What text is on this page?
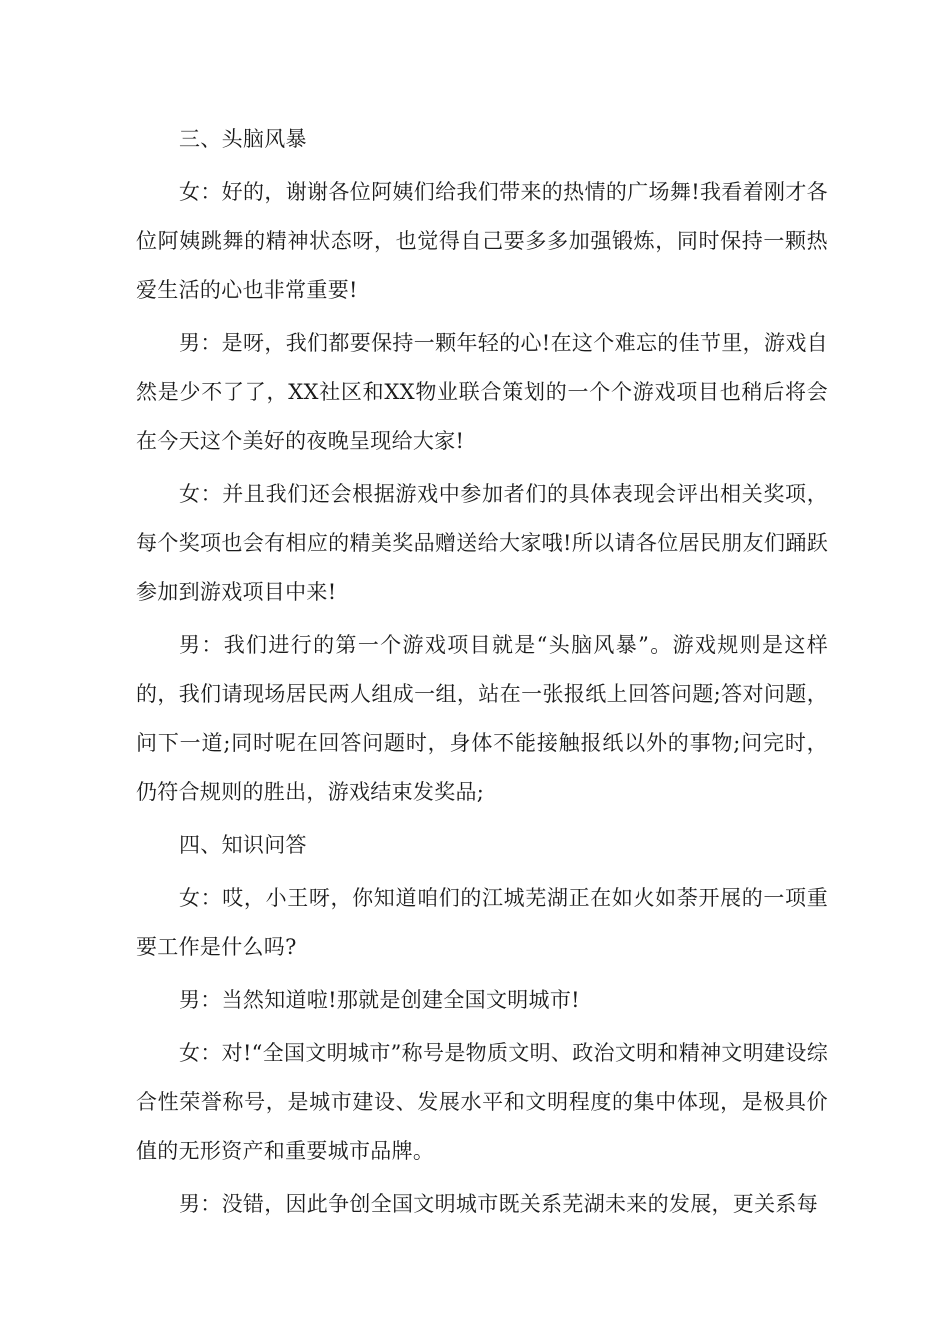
三、头脑风暴

女：好的，谢谢各位阿姨们给我们带来的热情的广场舞!我看着刚才各位阿姨跳舞的精神状态呀，也觉得自己要多多加强锻炼，同时保持一颗热爱生活的心也非常重要!

男：是呀，我们都要保持一颗年轻的心!在这个难忘的佳节里，游戏自然是少不了了，XX社区和XX物业联合策划的一个个游戏项目也稍后将会在今天这个美好的夜晚呈现给大家!

女：并且我们还会根据游戏中参加者们的具体表现会评出相关奖项，每个奖项也会有相应的精美奖品赠送给大家哦!所以请各位居民朋友们踊跃参加到游戏项目中来!

男：我们进行的第一个游戏项目就是“头脑风暴”。游戏规则是这样的，我们请现场居民两人组成一组，站在一张报纸上回答问题;答对问题，问下一道;同时呢在回答问题时，身体不能接触报纸以外的事物;问完时，仍符合规则的胜出，游戏结束发奖品;

四、知识问答

女：哎，小王呀，你知道咱们的江城芜湖正在如火如荼开展的一项重要工作是什么吗?

男：当然知道啦!那就是创建全国文明城市!

女：对!“全国文明城市”称号是物质文明、政治文明和精神文明建设综合性荣誉称号，是城市建设、发展水平和文明程度的集中体现，是极具价值的无形资产和重要城市品牌。

男：没错，因此争创全国文明城市既关系芜湖未来的发展，更关系每
